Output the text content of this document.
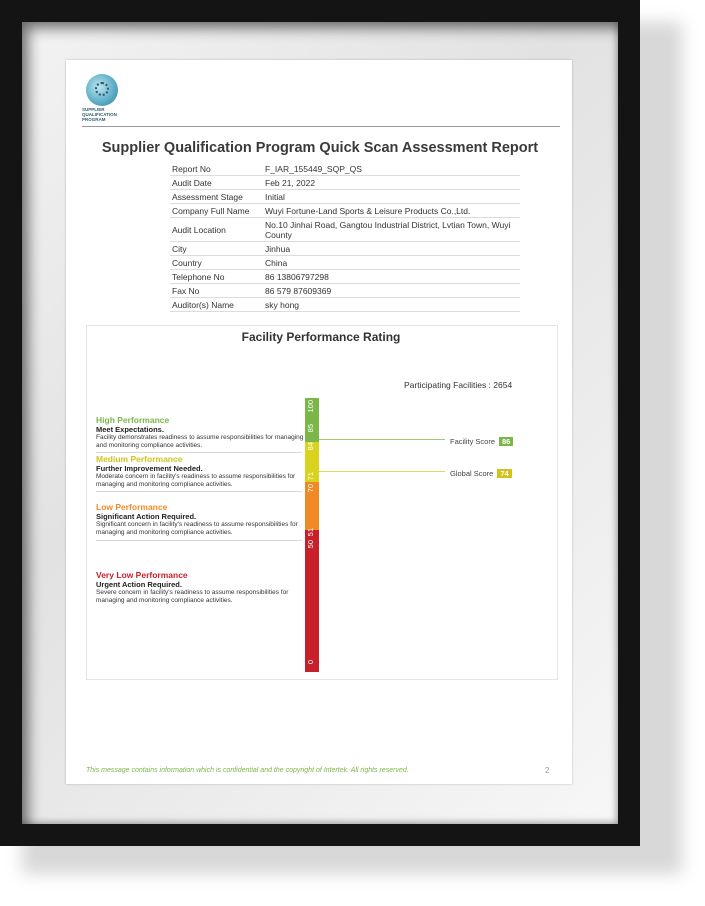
SUPPLIER QUALIFICATION PROGRAM
Supplier Qualification Program Quick Scan Assessment Report
Report No	F_IAR_155449_SQP_QS
Audit Date	Feb 21, 2022
Assessment Stage	Initial
Company Full Name	Wuyi Fortune-Land Sports & Leisure Products Co.,Ltd.
Audit Location	No.10 Jinhai Road, Gangtou Industrial District, Lvtian Town, Wuyi County
City	Jinhua
Country	China
Telephone No	86 13806797298
Fax No	86 579 87609369
Auditor(s) Name	sky hong
Facility Performance Rating
Participating Facilities : 2654
100
85
84
71
70
51
50
0
High Performance
Meet Expectations.
Facility demonstrates readiness to assume responsibilities for managing and monitoring compliance activities.
Medium Performance
Further Improvement Needed.
Moderate concern in facility's readiness to assume responsibilities for managing and monitoring compliance activities.
Low Performance
Significant Action Required.
Significant concern in facility's readiness to assume responsibilities for managing and monitoring compliance activities.
Very Low Performance
Urgent Action Required.
Severe concern in facility's readiness to assume responsibilities for managing and monitoring compliance activities.
Facility Score 86
Global Score 74
This message contains information which is confidential and the copyright of Intertek. All rights reserved.	2
